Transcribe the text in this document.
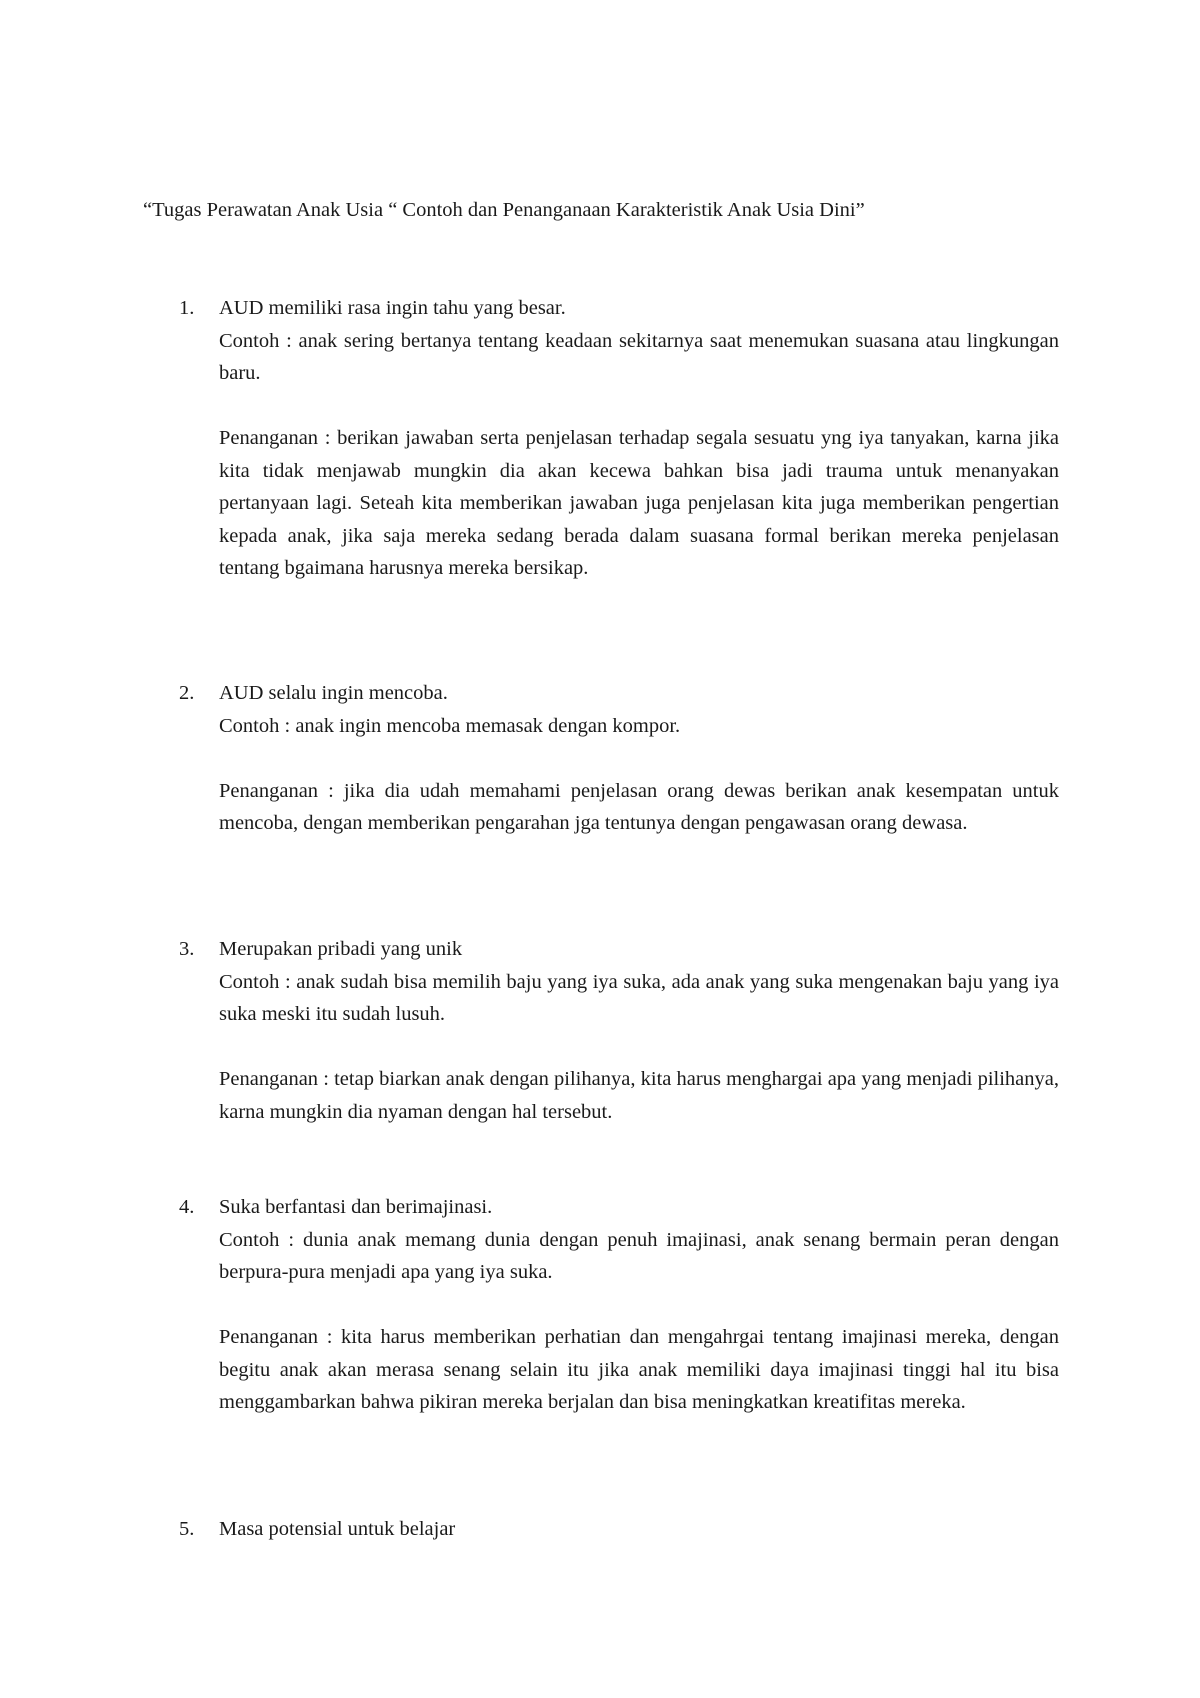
“Tugas Perawatan Anak Usia “ Contoh dan Penanganaan Karakteristik Anak Usia Dini”
1. AUD memiliki rasa ingin tahu yang besar.

Contoh : anak sering bertanya tentang keadaan sekitarnya saat menemukan suasana atau lingkungan baru.

Penanganan : berikan jawaban serta penjelasan terhadap segala sesuatu yng iya tanyakan, karna jika kita tidak menjawab mungkin dia akan kecewa bahkan bisa jadi trauma untuk menanyakan pertanyaan lagi. Seteah kita memberikan jawaban juga penjelasan kita juga memberikan pengertian kepada anak, jika saja mereka sedang berada dalam suasana formal berikan mereka penjelasan tentang bgaimana harusnya mereka bersikap.

2. AUD selalu ingin mencoba.

Contoh : anak ingin mencoba memasak dengan kompor.

Penanganan : jika dia udah memahami penjelasan orang dewas berikan anak kesempatan untuk mencoba, dengan memberikan pengarahan jga tentunya dengan pengawasan orang dewasa.

3. Merupakan pribadi yang unik

Contoh : anak sudah bisa memilih baju yang iya suka, ada anak yang suka mengenakan baju yang iya suka meski itu sudah lusuh.

Penanganan : tetap biarkan anak dengan pilihanya, kita harus menghargai apa yang menjadi pilihanya, karna mungkin dia nyaman dengan hal tersebut.

4. Suka berfantasi dan berimajinasi.

Contoh : dunia anak memang dunia dengan penuh imajinasi, anak senang bermain peran dengan berpura-pura menjadi apa yang iya suka.

Penanganan : kita harus memberikan perhatian dan mengahrgai tentang imajinasi mereka, dengan begitu anak akan merasa senang selain itu jika anak memiliki daya imajinasi tinggi hal itu bisa menggambarkan bahwa pikiran mereka berjalan dan bisa meningkatkan kreatifitas mereka.

5. Masa potensial untuk belajar
